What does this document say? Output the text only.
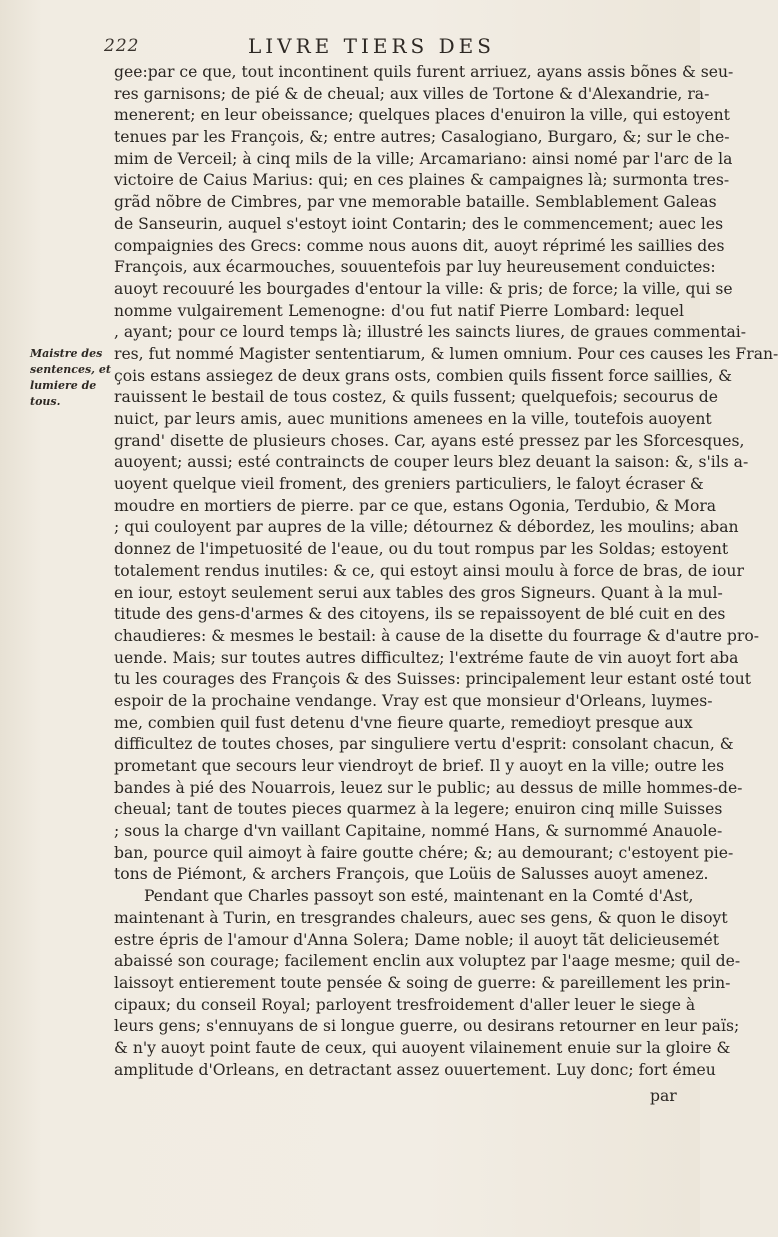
222	LIVRE TIERS DES
Maistre des
sentences, et
lumiere de
tous.
gee:par ce que, tout incontinent quils furent arriuez, ayans assis bõnes & seu-
res garnisons; de pié & de cheual; aux villes de Tortone & d'Alexandrie, ra-
menerent; en leur obeissance; quelques places d'enuiron la ville, qui estoyent
tenues par les François, &; entre autres; Casalogiano, Burgaro, &; sur le che-
mim de Verceil; à cinq mils de la ville; Arcamariano: ainsi nomé par l'arc de la
victoire de Caius Marius: qui; en ces plaines & campaignes là; surmonta tres-
grãd nõbre de Cimbres, par vne memorable bataille. Semblablement Galeas
de Sanseurin, auquel s'estoyt ioint Contarin; des le commencement; auec les
compaignies des Grecs: comme nous auons dit, auoyt réprimé les saillies des
François, aux écarmouches, souuentefois par luy heureusement conduictes:
auoyt recouuré les bourgades d'entour la ville: & pris; de force; la ville, qui se
nomme vulgairement Lemenogne: d'ou fut natif Pierre Lombard: lequel
, ayant; pour ce lourd temps là; illustré les saincts liures, de graues commentai-
res, fut nommé Magister sententiarum, & lumen omnium. Pour ces causes les Fran-
çois estans assiegez de deux grans osts, combien quils fissent force saillies, &
rauissent le bestail de tous costez, & quils fussent; quelquefois; secourus de
nuict, par leurs amis, auec munitions amenees en la ville, toutefois auoyent
grand' disette de plusieurs choses. Car, ayans esté pressez par les Sforcesques,
auoyent; aussi; esté contraincts de couper leurs blez deuant la saison: &, s'ils a-
uoyent quelque vieil froment, des greniers particuliers, le faloyt écraser &
moudre en mortiers de pierre. par ce que, estans Ogonia, Terdubio, & Mora
; qui couloyent par aupres de la ville; détournez & débordez, les moulins; aban
donnez de l'impetuosité de l'eaue, ou du tout rompus par les Soldas; estoyent
totalement rendus inutiles: & ce, qui estoyt ainsi moulu à force de bras, de iour
en iour, estoyt seulement serui aux tables des gros Signeurs. Quant à la mul-
titude des gens-d'armes & des citoyens, ils se repaissoyent de blé cuit en des
chaudieres: & mesmes le bestail: à cause de la disette du fourrage & d'autre pro-
uende. Mais; sur toutes autres difficultez; l'extréme faute de vin auoyt fort aba
tu les courages des François & des Suisses: principalement leur estant osté tout
espoir de la prochaine vendange. Vray est que monsieur d'Orleans, luymes-
me, combien quil fust detenu d'vne fieure quarte, remedioyt presque aux
difficultez de toutes choses, par singuliere vertu d'esprit: consolant chacun, &
prometant que secours leur viendroyt de brief. Il y auoyt en la ville; outre les
bandes à pié des Nouarrois, leuez sur le public; au dessus de mille hommes-de-
cheual; tant de toutes pieces quarmez à la legere; enuiron cinq mille Suisses
; sous la charge d'vn vaillant Capitaine, nommé Hans, & surnommé Anauole-
ban, pource quil aimoyt à faire goutte chére; &; au demourant; c'estoyent pie-
tons de Piémont, & archers François, que Loüis de Salusses auoyt amenez.
Pendant que Charles passoyt son esté, maintenant en la Comté d'Ast,
maintenant à Turin, en tresgrandes chaleurs, auec ses gens, & quon le disoyt
estre épris de l'amour d'Anna Solera; Dame noble; il auoyt tãt delicieusemét
abaissé son courage; facilement enclin aux voluptez par l'aage mesme; quil de-
laissoyt entierement toute pensée & soing de guerre: & pareillement les prin-
cipaux; du conseil Royal; parloyent tresfroidement d'aller leuer le siege à
leurs gens; s'ennuyans de si longue guerre, ou desirans retourner en leur païs;
& n'y auoyt point faute de ceux, qui auoyent vilainement enuie sur la gloire &
amplitude d'Orleans, en detractant assez ouuertement. Luy donc; fort émeu
par
